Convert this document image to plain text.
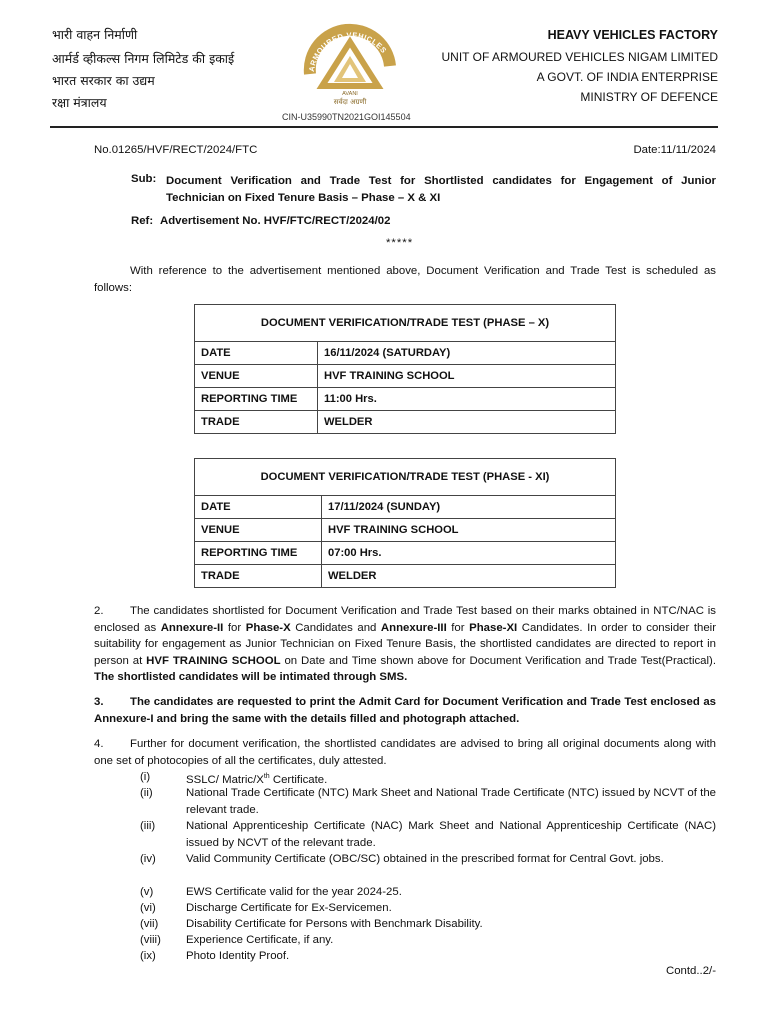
भारी वाहन निर्माणी
आर्मर्ड व्हीकल्स निगम लिमिटेड की इकाई
भारत सरकार का उद्यम
रक्षा मंत्रालय
ARMOURED VEHICLES
AVANI
सर्वदा अग्रणी
CIN-U35990TN2021GOI145504
HEAVY VEHICLES FACTORY
UNIT OF ARMOURED VEHICLES NIGAM LIMITED
A GOVT. OF INDIA ENTERPRISE
MINISTRY OF DEFENCE
No.01265/HVF/RECT/2024/FTC	Date:11/11/2024
Sub: Document Verification and Trade Test for Shortlisted candidates for Engagement of Junior Technician on Fixed Tenure Basis – Phase – X & XI
Ref: Advertisement No. HVF/FTC/RECT/2024/02
*****
With reference to the advertisement mentioned above, Document Verification and Trade Test is scheduled as follows:
DOCUMENT VERIFICATION/TRADE TEST (PHASE – X)	
DATE	16/11/2024 (SATURDAY)
VENUE	HVF TRAINING SCHOOL
REPORTING TIME	11:00 Hrs.
TRADE	WELDER
DOCUMENT VERIFICATION/TRADE TEST (PHASE - XI)	
DATE	17/11/2024 (SUNDAY)
VENUE	HVF TRAINING SCHOOL
REPORTING TIME	07:00 Hrs.
TRADE	WELDER
2. The candidates shortlisted for Document Verification and Trade Test based on their marks obtained in NTC/NAC is enclosed as Annexure-II for Phase-X Candidates and Annexure-III for Phase-XI Candidates. In order to consider their suitability for engagement as Junior Technician on Fixed Tenure Basis, the shortlisted candidates are directed to report in person at HVF TRAINING SCHOOL on Date and Time shown above for Document Verification and Trade Test(Practical). The shortlisted candidates will be intimated through SMS.
3. The candidates are requested to print the Admit Card for Document Verification and Trade Test enclosed as Annexure-I and bring the same with the details filled and photograph attached.
4. Further for document verification, the shortlisted candidates are advised to bring all original documents along with one set of photocopies of all the certificates, duly attested.
(i)	SSLC/ Matric/Xth Certificate.
(ii)	National Trade Certificate (NTC) Mark Sheet and National Trade Certificate (NTC) issued by NCVT of the relevant trade.
(iii)	National Apprenticeship Certificate (NAC) Mark Sheet and National Apprenticeship Certificate (NAC) issued by NCVT of the relevant trade.
(iv)	Valid Community Certificate (OBC/SC) obtained in the prescribed format for Central Govt. jobs.
(v)	EWS Certificate valid for the year 2024-25.
(vi)	Discharge Certificate for Ex-Servicemen.
(vii) Disability Certificate for Persons with Benchmark Disability.
(viii) Experience Certificate, if any.
(ix)	Photo Identity Proof.
Contd..2/-
